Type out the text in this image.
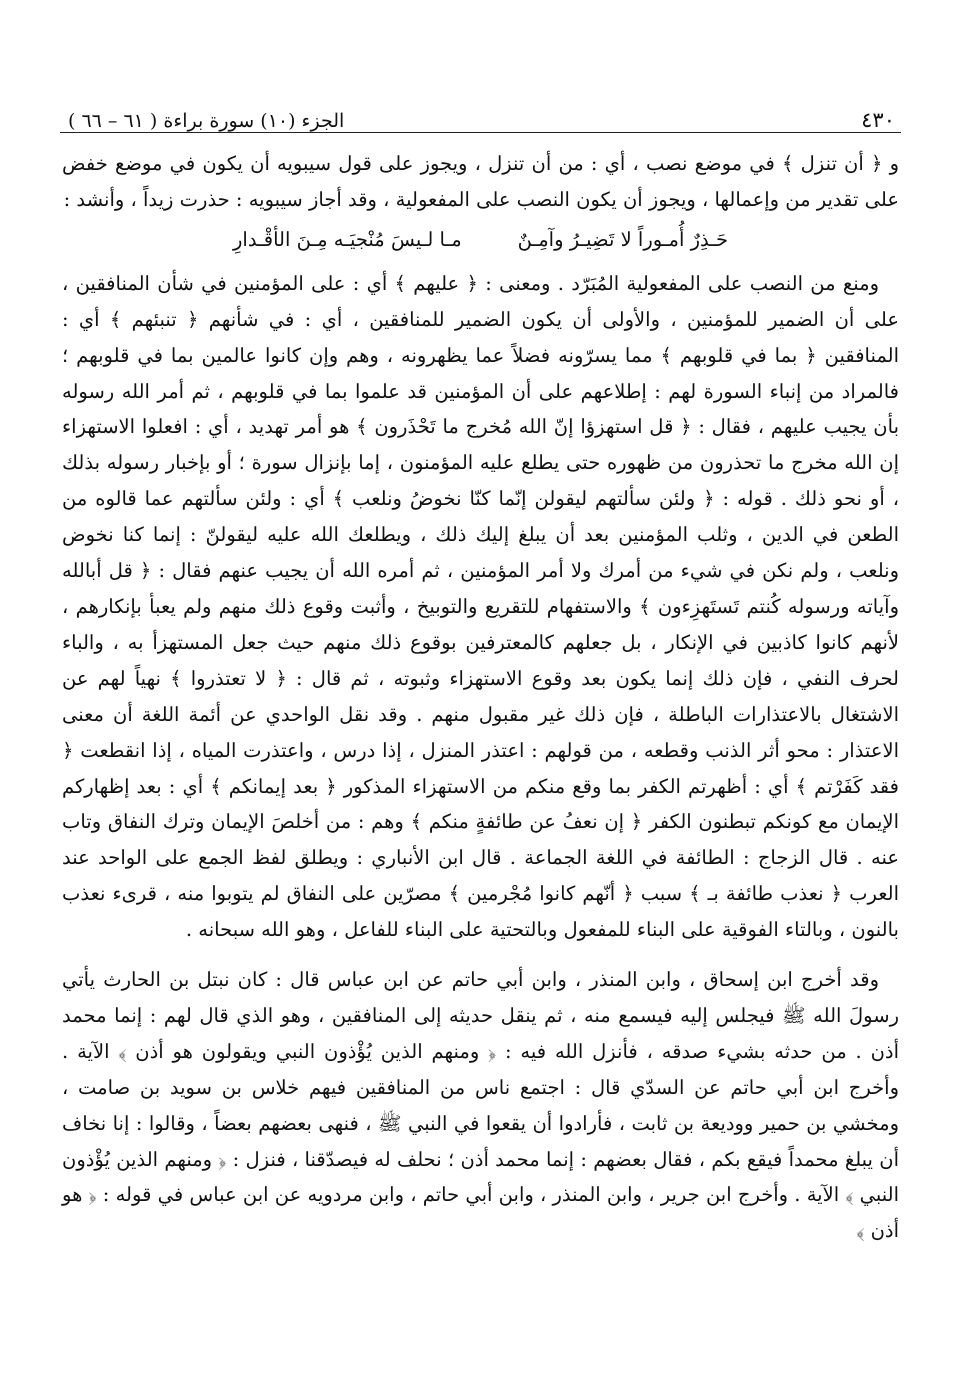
٤٣٠
الجزء (١٠) سورة براءة ( ٦١ – ٦٦ )

و ﴿ أن تنزل ﴾ في موضع نصب ، أي : من أن تنزل ، ويجوز على قول سيبويه أن يكون في موضع خفض على تقدير من وإعمالها ، ويجوز أن يكون النصب على المفعولية ، وقد أجاز سيبويه : حذرت زيداً ، وأنشد :

حَـذِرٌ أُمـوراً لا تَضِيـرُ وآمِـنٌ
مـا لـيسَ مُنْجيَـه مِـنَ الأقْـدارِ

ومنع من النصب على المفعولية المُبَرّد . ومعنى : ﴿ عليهم ﴾ أي : على المؤمنين في شأن المنافقين ، على أن الضمير للمؤمنين ، والأولى أن يكون الضمير للمنافقين ، أي : في شأنهم ﴿ تنبئهم ﴾ أي : المنافقين ﴿ بما في قلوبهم ﴾ مما يسرّونه فضلاً عما يظهرونه ، وهم وإن كانوا عالمين بما في قلوبهم ؛ فالمراد من إنباء السورة لهم : إطلاعهم على أن المؤمنين قد علموا بما في قلوبهم ، ثم أمر الله رسوله بأن يجيب عليهم ، فقال : ﴿ قل استهزؤا إنّ الله مُخرج ما تَحْذَرون ﴾ هو أمر تهديد ، أي : افعلوا الاستهزاء إن الله مخرج ما تحذرون من ظهوره حتى يطلع عليه المؤمنون ، إما بإنزال سورة ؛ أو بإخبار رسوله بذلك ، أو نحو ذلك . قوله : ﴿ ولئن سألتهم ليقولن إنّما كنّا نخوضُ ونلعب ﴾ أي : ولئن سألتهم عما قالوه من الطعن في الدين ، وثلب المؤمنين بعد أن يبلغ إليك ذلك ، ويطلعك الله عليه ليقولنّ : إنما كنا نخوض ونلعب ، ولم نكن في شيء من أمرك ولا أمر المؤمنين ، ثم أمره الله أن يجيب عنهم فقال : ﴿ قل أبالله وآياته ورسوله كُنتم تَستَهزِءون ﴾ والاستفهام للتقريع والتوبيخ ، وأثبت وقوع ذلك منهم ولم يعبأ بإنكارهم ، لأنهم كانوا كاذبين في الإنكار ، بل جعلهم كالمعترفين بوقوع ذلك منهم حيث جعل المستهزأ به ، والباء لحرف النفي ، فإن ذلك إنما يكون بعد وقوع الاستهزاء وثبوته ، ثم قال : ﴿ لا تعتذروا ﴾ نهياً لهم عن الاشتغال بالاعتذارات الباطلة ، فإن ذلك غير مقبول منهم . وقد نقل الواحدي عن أئمة اللغة أن معنى الاعتذار : محو أثر الذنب وقطعه ، من قولهم : اعتذر المنزل ، إذا درس ، واعتذرت المياه ، إذا انقطعت ﴿ فقد كَفَرْتم ﴾ أي : أظهرتم الكفر بما وقع منكم من الاستهزاء المذكور ﴿ بعد إيمانكم ﴾ أي : بعد إظهاركم الإيمان مع كونكم تبطنون الكفر ﴿ إن نعفُ عن طائفةٍ منكم ﴾ وهم : من أخلصَ الإيمان وترك النفاق وتاب عنه . قال الزجاج : الطائفة في اللغة الجماعة . قال ابن الأنباري : ويطلق لفظ الجمع على الواحد عند العرب ﴿ نعذب طائفة بـ ﴾ سبب ﴿ أنّهم كانوا مُجْرمين ﴾ مصرّين على النفاق لم يتوبوا منه ، قرىء نعذب بالنون ، وبالتاء الفوقية على البناء للمفعول وبالتحتية على البناء للفاعل ، وهو الله سبحانه .

وقد أخرج ابن إسحاق ، وابن المنذر ، وابن أبي حاتم عن ابن عباس قال : كان نبتل بن الحارث يأتي رسولَ الله ﷺ فيجلس إليه فيسمع منه ، ثم ينقل حديثه إلى المنافقين ، وهو الذي قال لهم : إنما محمد أذن . من حدثه بشيء صدقه ، فأنزل الله فيه : ﴿ ومنهم الذين يُؤْذون النبي ويقولون هو أذن ﴾ الآية . وأخرج ابن أبي حاتم عن السدّي قال : اجتمع ناس من المنافقين فيهم خلاس بن سويد بن صامت ، ومخشي بن حمير ووديعة بن ثابت ، فأرادوا أن يقعوا في النبي ﷺ ، فنهى بعضهم بعضاً ، وقالوا : إنا نخاف أن يبلغ محمداً فيقع بكم ، فقال بعضهم : إنما محمد أذن ؛ نحلف له فيصدّقنا ، فنزل : ﴿ ومنهم الذين يُؤْذون النبي ﴾ الآية . وأخرج ابن جرير ، وابن المنذر ، وابن أبي حاتم ، وابن مردويه عن ابن عباس في قوله : ﴿ هو أذن ﴾
